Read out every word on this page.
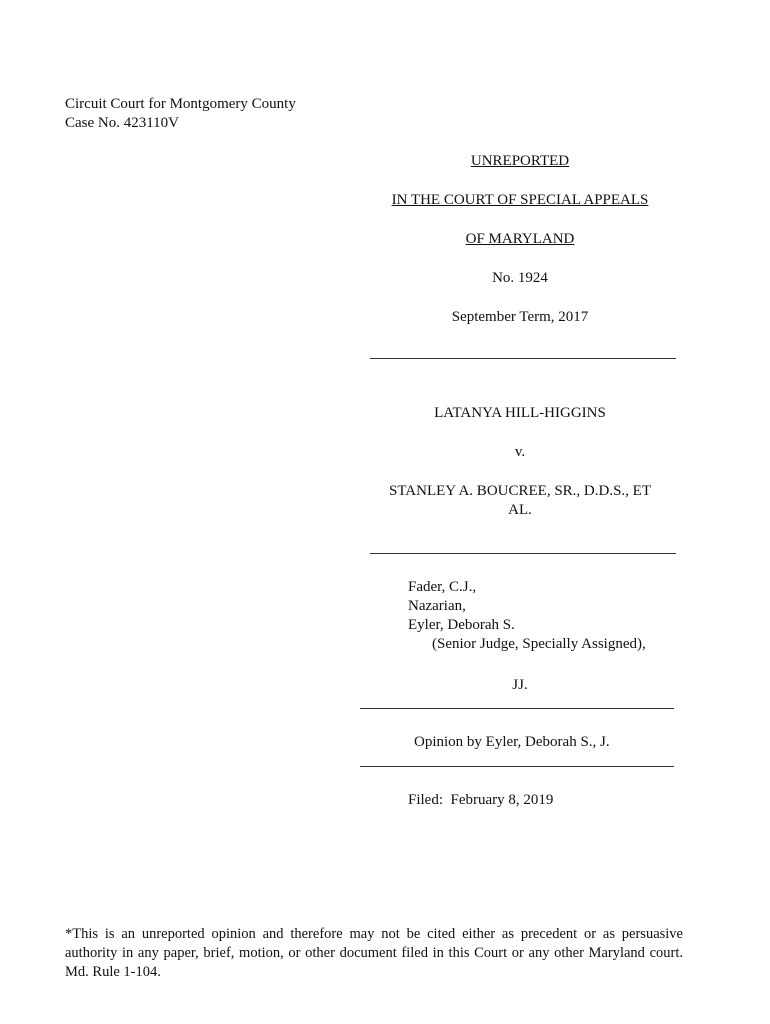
Circuit Court for Montgomery County
Case No. 423110V
UNREPORTED
IN THE COURT OF SPECIAL APPEALS
OF MARYLAND
No. 1924
September Term, 2017
LATANYA HILL-HIGGINS
v.
STANLEY A. BOUCREE, SR., D.D.S., ET
AL.
Fader, C.J.,
Nazarian,
Eyler, Deborah S.
(Senior Judge, Specially Assigned),
JJ.
Opinion by Eyler, Deborah S., J.
Filed:  February 8, 2019
*This is an unreported opinion and therefore may not be cited either as precedent or as persuasive authority in any paper, brief, motion, or other document filed in this Court or any other Maryland court. Md. Rule 1-104.
